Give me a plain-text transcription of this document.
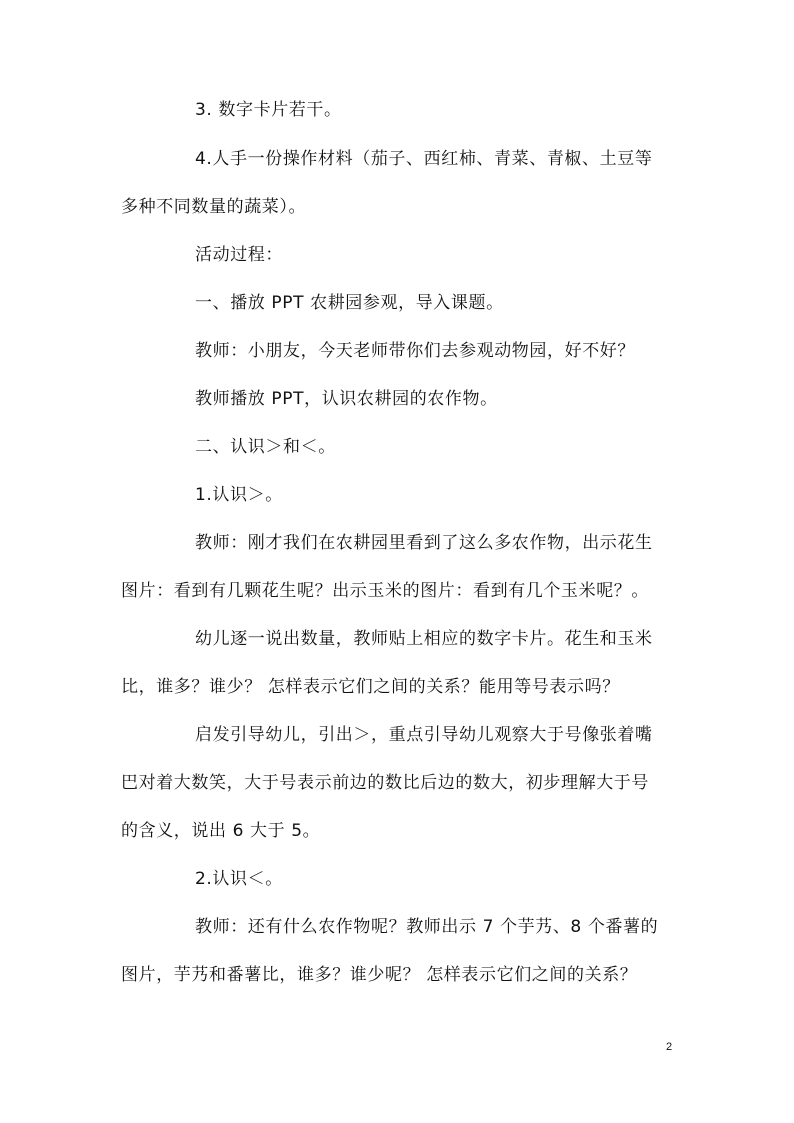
3. 数字卡片若干。
4.人手一份操作材料（茄子、西红柿、青菜、青椒、土豆等
多种不同数量的蔬菜）。
活动过程：
一、播放 PPT 农耕园参观，导入课题。
教师：小朋友，今天老师带你们去参观动物园，好不好？
教师播放 PPT，认识农耕园的农作物。
二、认识＞和＜。
1.认识＞。
教师：刚才我们在农耕园里看到了这么多农作物，出示花生
图片：看到有几颗花生呢？出示玉米的图片：看到有几个玉米呢？。
幼儿逐一说出数量，教师贴上相应的数字卡片。花生和玉米
比，谁多？谁少？ 怎样表示它们之间的关系？能用等号表示吗？
启发引导幼儿，引出＞，重点引导幼儿观察大于号像张着嘴
巴对着大数笑，大于号表示前边的数比后边的数大，初步理解大于号
的含义，说出 6 大于 5。
2.认识＜。
教师：还有什么农作物呢？教师出示 7 个芋艿、8 个番薯的
图片，芋艿和番薯比，谁多？谁少呢？ 怎样表示它们之间的关系？
2
